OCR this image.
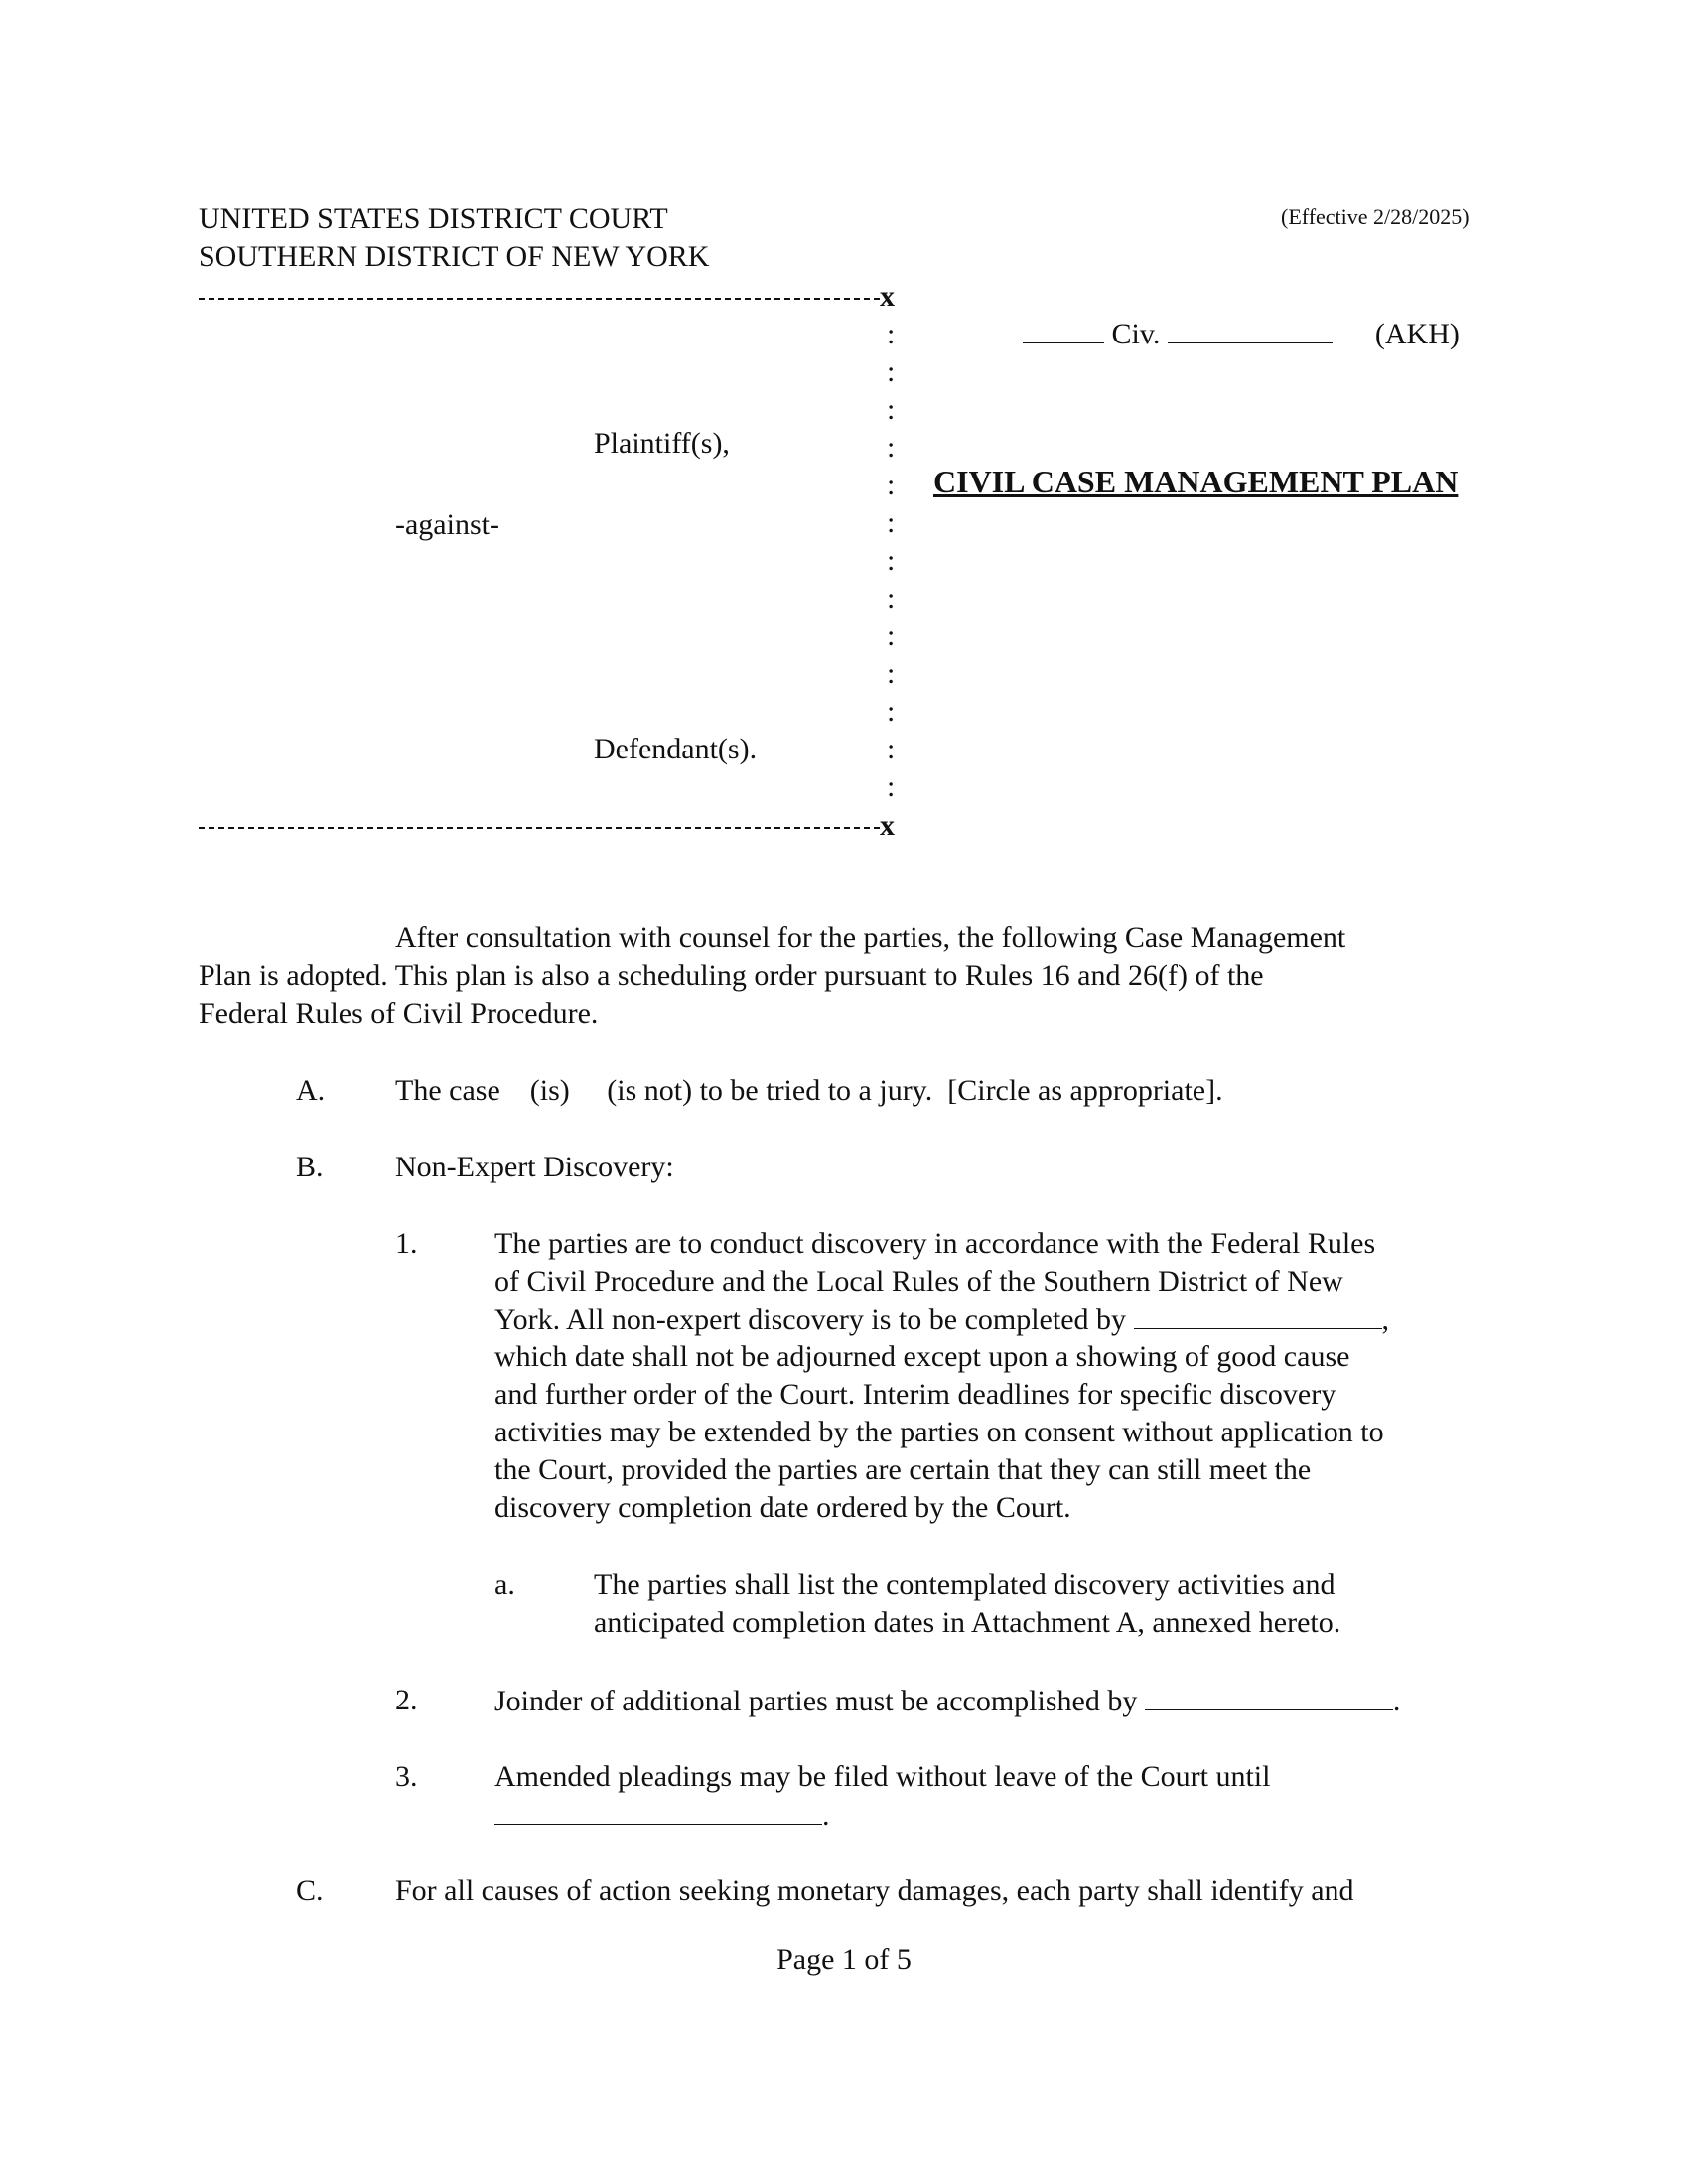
UNITED STATES DISTRICT COURT
SOUTHERN DISTRICT OF NEW YORK
(Effective 2/28/2025)
x
:
:
:
:
:
:
:
:
:
:
:
:
:
Plaintiff(s),
-against-
Defendant(s).
x
Civ.	(AKH)
CIVIL CASE MANAGEMENT PLAN
After consultation with counsel for the parties, the following Case Management
Plan is adopted. This plan is also a scheduling order pursuant to Rules 16 and 26(f) of the
Federal Rules of Civil Procedure.
A. The case    (is)     (is not) to be tried to a jury.  [Circle as appropriate].
B. Non-Expert Discovery:
1.	The parties are to conduct discovery in accordance with the Federal Rules
of Civil Procedure and the Local Rules of the Southern District of New
York. All non-expert discovery is to be completed by	,
which date shall not be adjourned except upon a showing of good cause
and further order of the Court. Interim deadlines for specific discovery
activities may be extended by the parties on consent without application to
the Court, provided the parties are certain that they can still meet the
discovery completion date ordered by the Court.
a.	The parties shall list the contemplated discovery activities and
anticipated completion dates in Attachment A, annexed hereto.
2.	Joinder of additional parties must be accomplished by	.
3.	Amended pleadings may be filed without leave of the Court until
.
C. For all causes of action seeking monetary damages, each party shall identify and
Page 1 of 5
